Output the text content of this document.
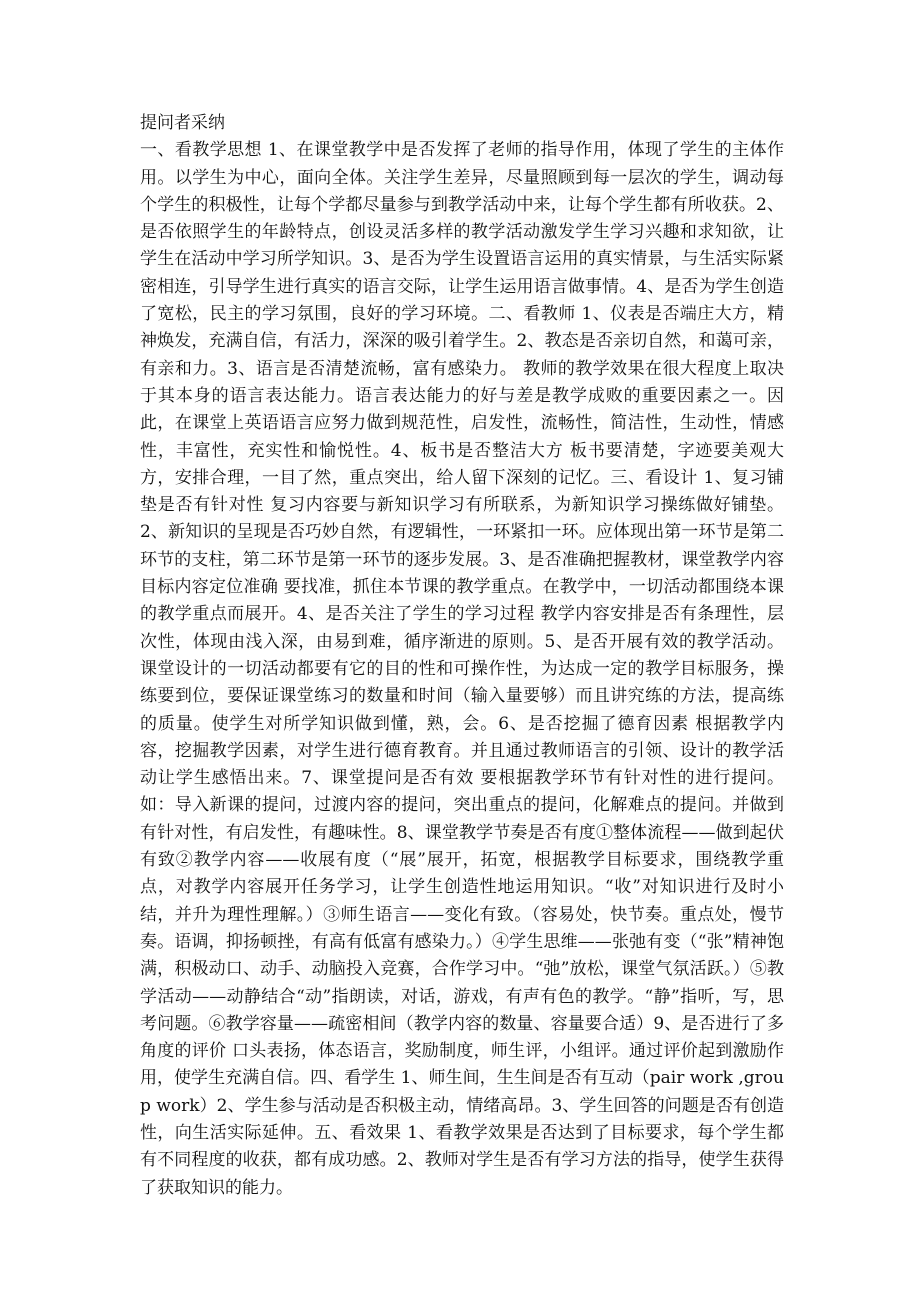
提问者采纳
一、看教学思想 1、在课堂教学中是否发挥了老师的指导作用，体现了学生的主体作用。以学生为中心，面向全体。关注学生差异，尽量照顾到每一层次的学生，调动每个学生的积极性，让每个学都尽量参与到教学活动中来，让每个学生都有所收获。2、是否依照学生的年龄特点，创设灵活多样的教学活动激发学生学习兴趣和求知欲，让学生在活动中学习所学知识。3、是否为学生设置语言运用的真实情景，与生活实际紧密相连，引导学生进行真实的语言交际，让学生运用语言做事情。4、是否为学生创造了宽松，民主的学习氛围，良好的学习环境。二、看教师 1、仪表是否端庄大方，精神焕发，充满自信，有活力，深深的吸引着学生。2、教态是否亲切自然，和蔼可亲，有亲和力。3、语言是否清楚流畅，富有感染力。 教师的教学效果在很大程度上取决于其本身的语言表达能力。语言表达能力的好与差是教学成败的重要因素之一。因此，在课堂上英语语言应努力做到规范性，启发性，流畅性，简洁性，生动性，情感性，丰富性，充实性和愉悦性。4、板书是否整洁大方 板书要清楚，字迹要美观大方，安排合理，一目了然，重点突出，给人留下深刻的记忆。三、看设计 1、复习铺垫是否有针对性 复习内容要与新知识学习有所联系，为新知识学习操练做好铺垫。2、新知识的呈现是否巧妙自然，有逻辑性，一环紧扣一环。应体现出第一环节是第二环节的支柱，第二环节是第一环节的逐步发展。3、是否准确把握教材，课堂教学内容目标内容定位准确 要找准，抓住本节课的教学重点。在教学中，一切活动都围绕本课的教学重点而展开。4、是否关注了学生的学习过程 教学内容安排是否有条理性，层次性，体现由浅入深，由易到难，循序渐进的原则。5、是否开展有效的教学活动。 课堂设计的一切活动都要有它的目的性和可操作性，为达成一定的教学目标服务，操练要到位，要保证课堂练习的数量和时间（输入量要够）而且讲究练的方法，提高练的质量。使学生对所学知识做到懂，熟，会。6、是否挖掘了德育因素 根据教学内容，挖掘教学因素，对学生进行德育教育。并且通过教师语言的引领、设计的教学活动让学生感悟出来。7、课堂提问是否有效 要根据教学环节有针对性的进行提问。如：导入新课的提问，过渡内容的提问，突出重点的提问，化解难点的提问。并做到有针对性，有启发性，有趣味性。8、课堂教学节奏是否有度①整体流程——做到起伏有致②教学内容——收展有度（“展”展开，拓宽，根据教学目标要求，围绕教学重点，对教学内容展开任务学习，让学生创造性地运用知识。“收”对知识进行及时小结，并升为理性理解。）③师生语言——变化有致。（容易处，快节奏。重点处，慢节奏。语调，抑扬顿挫，有高有低富有感染力。）④学生思维——张弛有变（“张”精神饱满，积极动口、动手、动脑投入竞赛，合作学习中。“弛”放松，课堂气氛活跃。）⑤教学活动——动静结合“动”指朗读，对话，游戏，有声有色的教学。“静”指听，写，思考问题。⑥教学容量——疏密相间（教学内容的数量、容量要合适）9、是否进行了多角度的评价 口头表扬，体态语言，奖励制度，师生评，小组评。通过评价起到激励作用，使学生充满自信。四、看学生 1、师生间，生生间是否有互动（pair work ,group work）2、学生参与活动是否积极主动，情绪高昂。3、学生回答的问题是否有创造性，向生活实际延伸。五、看效果 1、看教学效果是否达到了目标要求，每个学生都有不同程度的收获，都有成功感。2、教师对学生是否有学习方法的指导，使学生获得了获取知识的能力。
